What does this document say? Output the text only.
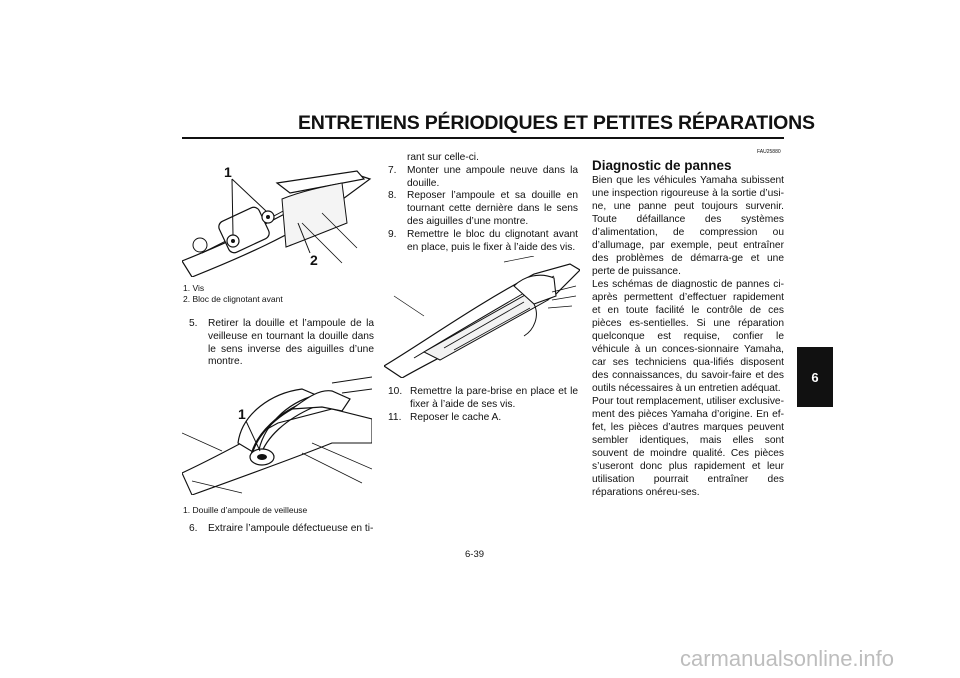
ENTRETIENS PÉRIODIQUES ET PETITES RÉPARATIONS
6
1
2
1. Vis
2. Bloc de clignotant avant
5. Retirer la douille et l’ampoule de la veilleuse en tournant la douille dans le sens inverse des aiguilles d’une montre.
1
1. Douille d’ampoule de veilleuse
6. Extraire l’ampoule défectueuse en ti-
rant sur celle-ci.
7. Monter une ampoule neuve dans la douille.
8. Reposer l’ampoule et sa douille en tournant cette dernière dans le sens des aiguilles d’une montre.
9. Remettre le bloc du clignotant avant en place, puis le fixer à l’aide des vis.
10. Remettre la pare-brise en place et le fixer à l’aide de ses vis.
11. Reposer le cache A.
FAU25880
Diagnostic de pannes

Bien que les véhicules Yamaha subissent une inspection rigoureuse à la sortie d’usi-ne, une panne peut toujours survenir. Toute défaillance des systèmes d’alimentation, de compression ou d’allumage, par exemple, peut entraîner des problèmes de démarra-ge et une perte de puissance.

Les schémas de diagnostic de pannes ci-après permettent d’effectuer rapidement et en toute facilité le contrôle de ces pièces es-sentielles. Si une réparation quelconque est requise, confier le véhicule à un conces-sionnaire Yamaha, car ses techniciens qua-lifiés disposent des connaissances, du savoir-faire et des outils nécessaires à un entretien adéquat.

Pour tout remplacement, utiliser exclusive-ment des pièces Yamaha d’origine. En ef-fet, les pièces d’autres marques peuvent sembler identiques, mais elles sont souvent de moindre qualité. Ces pièces s’useront donc plus rapidement et leur utilisation pourrait entraîner des réparations onéreu-ses.

6-39
carmanualsonline.info
